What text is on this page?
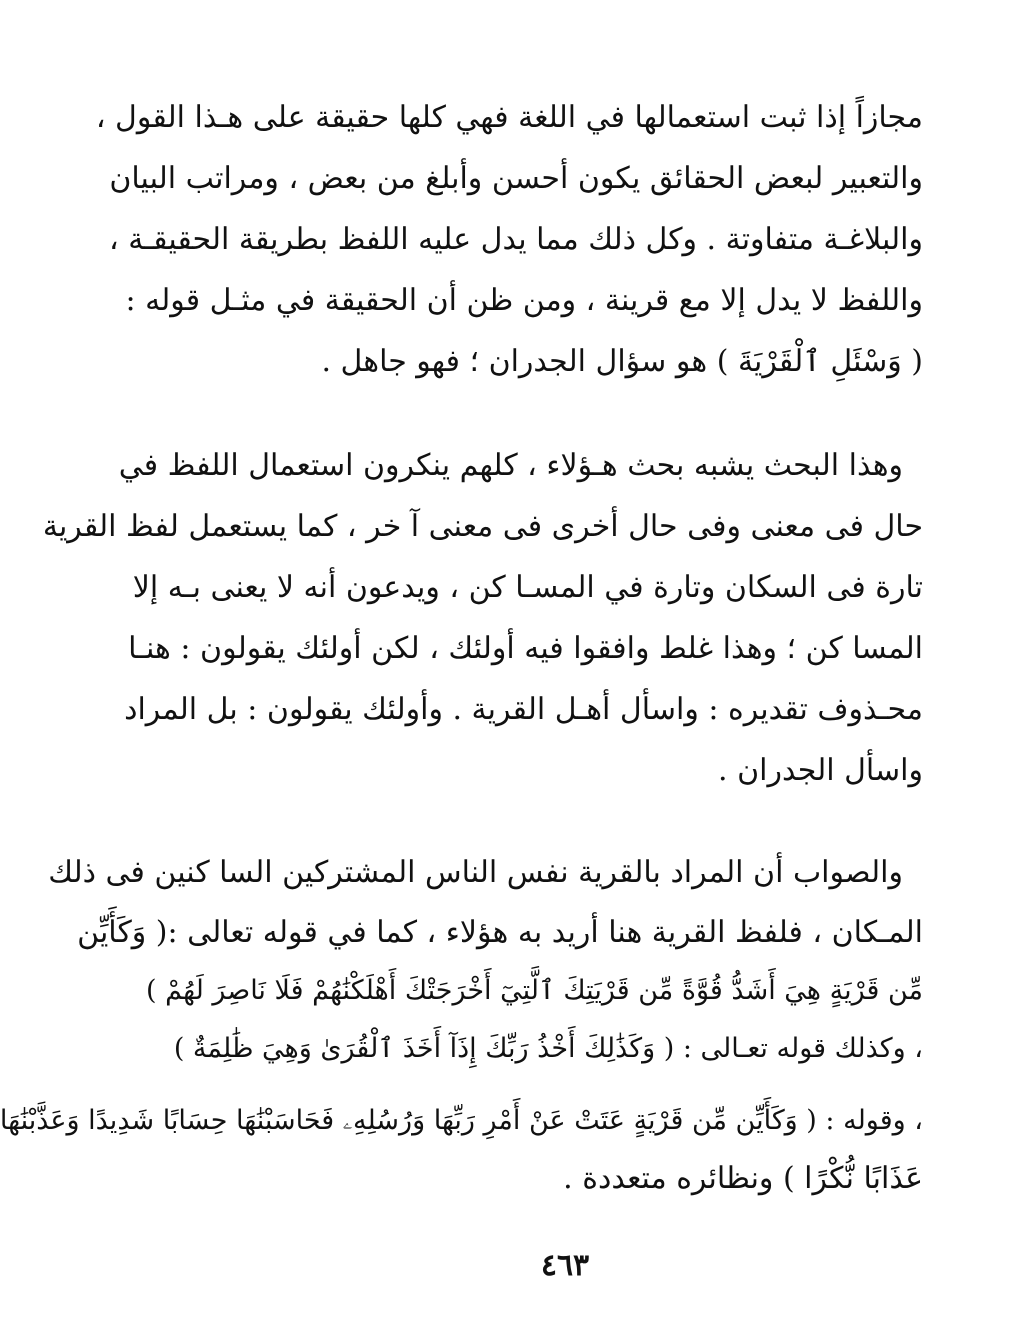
مجازاً إذا ثبت استعمالها في اللغة فهي كلها حقيقة على هـذا القول ،
والتعبير لبعض الحقائق يكون أحسن وأبلغ من بعض ، ومراتب البيان
والبلاغـة متفاوتة . وكل ذلك مما يدل عليه اللفظ بطريقة الحقيقـة ،
واللفظ لا يدل إلا مع قرينة ، ومن ظن أن الحقيقة في مثـل قوله :
( وَسْئَلِ ٱلْقَرْيَةَ ) هو سؤال الجدران ؛ فهو جاهل .
وهذا البحث يشبه بحث هـؤلاء ، كلهم ينكرون استعمال اللفظ في
حال فى معنى وفى حال أخرى فى معنى آ خر ، كما يستعمل لفظ القرية
تارة فى السكان وتارة في المسـا كن ، ويدعون أنه لا يعنى بـه إلا
المسا كن ؛ وهذا غلط وافقوا فيه أولئك ، لكن أولئك يقولون : هنـا
محـذوف تقديره : واسأل أهـل القرية . وأولئك يقولون : بل المراد
واسأل الجدران .
والصواب أن المراد بالقرية نفس الناس المشتركين السا كنين فى ذلك
المـكان ، فلفظ القرية هنا أريد به هؤلاء ، كما في قوله تعالى :( وَكَأَيِّن
مِّن قَرْيَةٍ هِيَ أَشَدُّ قُوَّةً مِّن قَرْيَتِكَ ٱلَّتِيٓ أَخْرَجَتْكَ أَهْلَكْنَٰهُمْ فَلَا نَاصِرَ لَهُمْ )
، وكذلك قوله تعـالى : ( وَكَذَٰلِكَ أَخْذُ رَبِّكَ إِذَآ أَخَذَ ٱلْقُرَىٰ وَهِيَ ظَٰلِمَةٌ )
، وقوله : ( وَكَأَيِّن مِّن قَرْيَةٍ عَتَتْ عَنْ أَمْرِ رَبِّهَا وَرُسُلِهِۦ فَحَاسَبْنَٰهَا حِسَابًا شَدِيدًا وَعَذَّبْنَٰهَا
عَذَابًا نُّكْرًا ) ونظائره متعددة .
٤٦٣
